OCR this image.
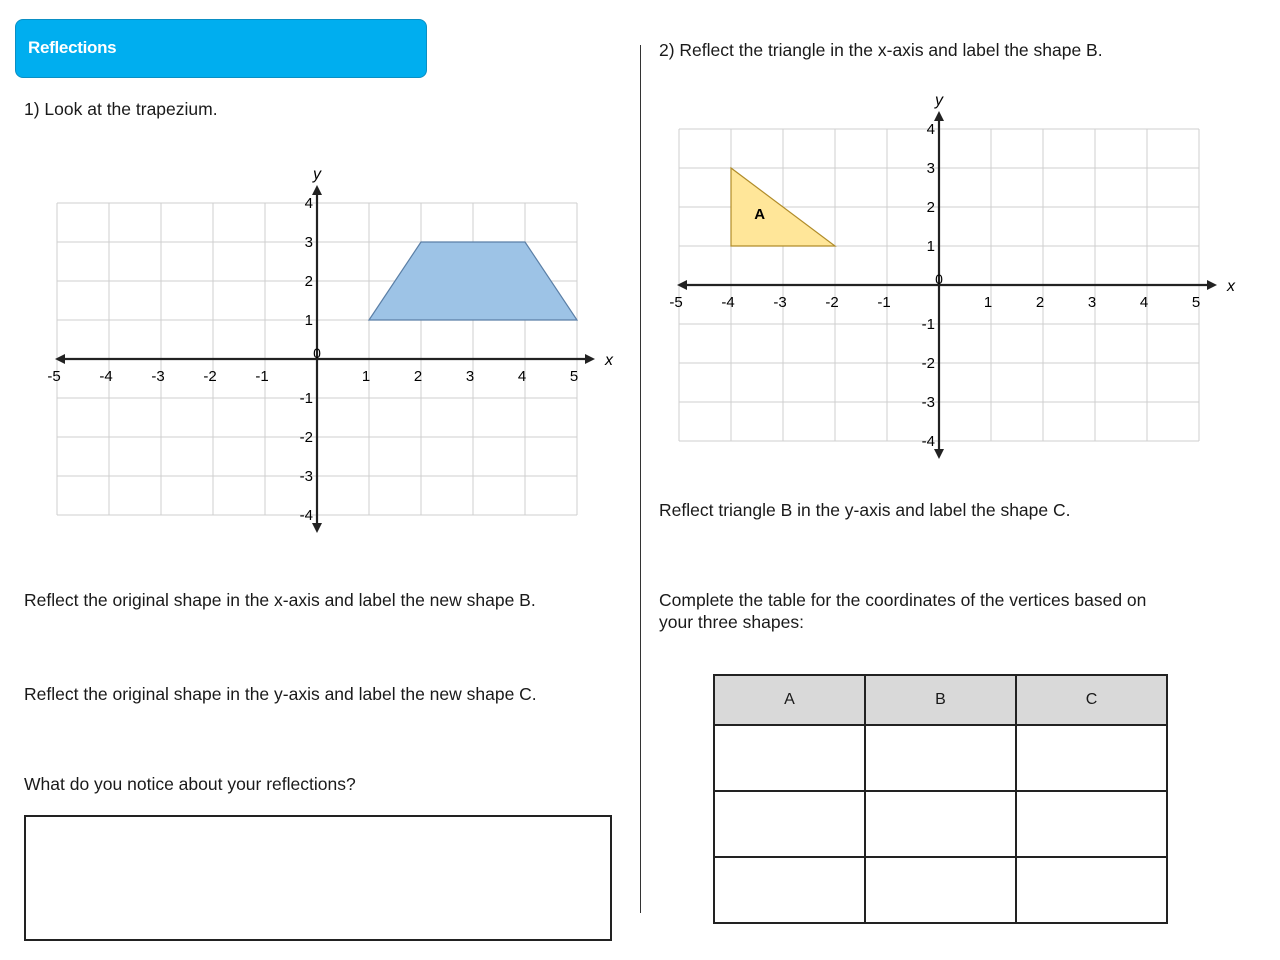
Reflections
1) Look at the trapezium.
x
y
-5	-4	-3	-2	-1	1	2	3	4	5
-4
-3
-2
-1
0
1
2
3
4
Reflect the original shape in the x-axis and label the new shape B.
Reflect the original shape in the y-axis and label the new shape C.
What do you notice about your reflections?
2) Reflect the triangle in the x-axis and label the shape B.
A
x
y
-5	-4	-3	-2	-1	1	2	3	4	5
-4
-3
-2
-1
0
1
2
3
4
Reflect triangle B in the y-axis and label the shape C.
Complete the table for the coordinates of the vertices based on
your three shapes:
A	B	C
